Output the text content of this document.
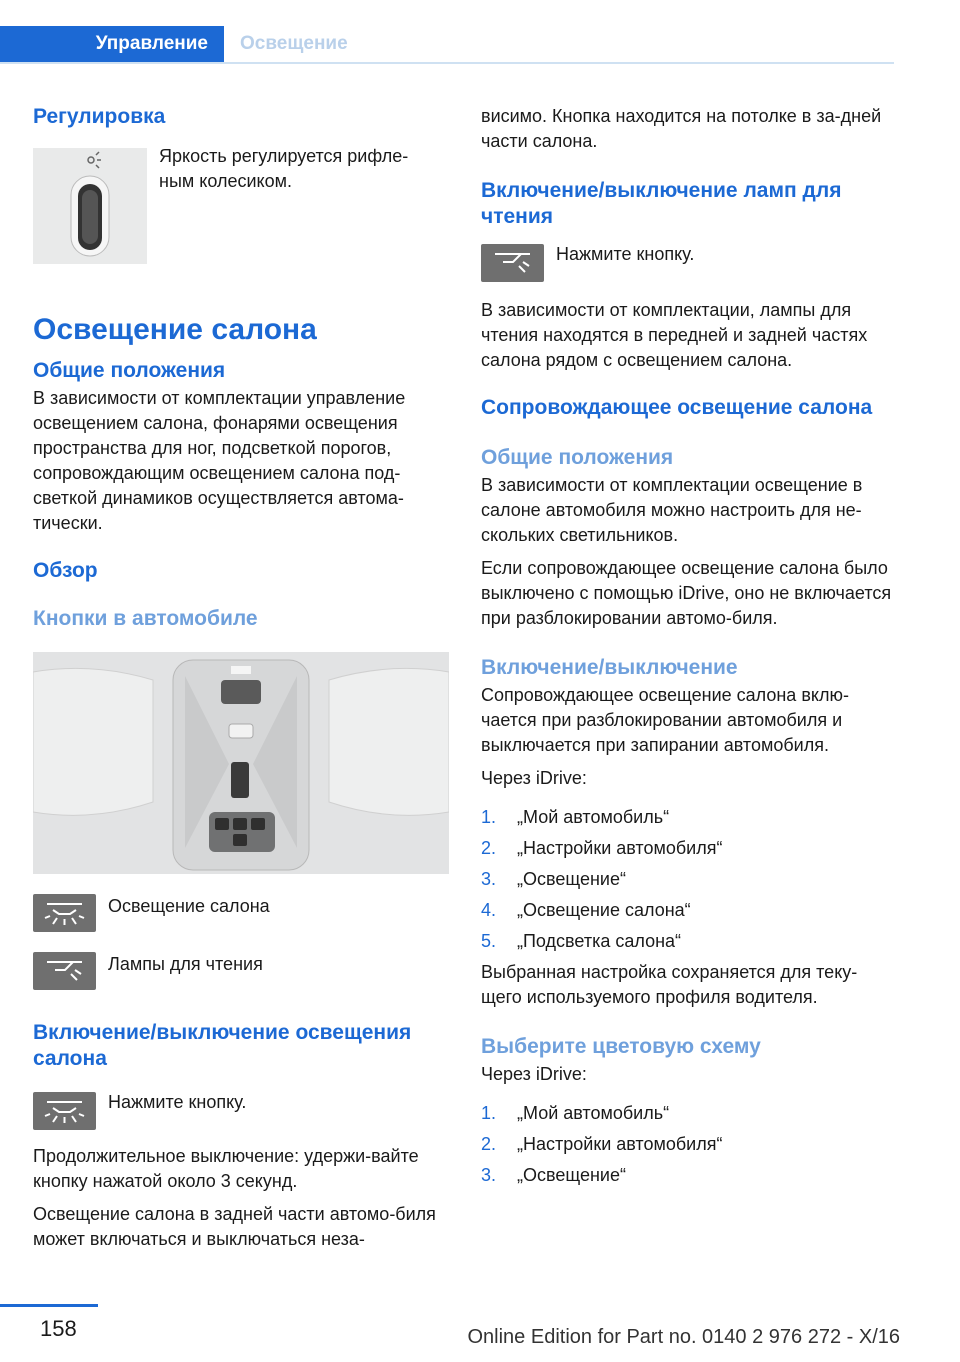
Управление	Освещение

Регулировка

Яркость регулируется рифле-
ным колесиком.

Освещение салона

Общие положения

В зависимости от комплектации управление освещением салона, фонарями освещения пространства для ног, подсветкой порогов, сопровождающим освещением салона под-светкой динамиков осуществляется автома-тически.

Обзор

Кнопки в автомобиле

Освещение салона

Лампы для чтения

Включение/выключение освещения салона

Нажмите кнопку.

Продолжительное выключение: удержи-вайте кнопку нажатой около 3 секунд.

Освещение салона в задней части автомо-биля может включаться и выключаться неза-

висимо. Кнопка находится на потолке в за-дней части салона.

Включение/выключение ламп для чтения

Нажмите кнопку.

В зависимости от комплектации, лампы для чтения находятся в передней и задней частях салона рядом с освещением салона.

Сопровождающее освещение салона

Общие положения

В зависимости от комплектации освещение в салоне автомобиля можно настроить для не-скольких светильников.

Если сопровождающее освещение салона было выключено с помощью iDrive, оно не включается при разблокировании автомо-биля.

Включение/выключение

Сопровождающее освещение салона вклю-чается при разблокировании автомобиля и выключается при запирании автомобиля.

Через iDrive:

1.	„Мой автомобиль“
2.	„Настройки автомобиля“
3.	„Освещение“
4.	„Освещение салона“
5.	„Подсветка салона“

Выбранная настройка сохраняется для теку-щего используемого профиля водителя.

Выберите цветовую схему

Через iDrive:

1.	„Мой автомобиль“
2.	„Настройки автомобиля“
3.	„Освещение“
158	Online Edition for Part no. 0140 2 976 272 - X/16
